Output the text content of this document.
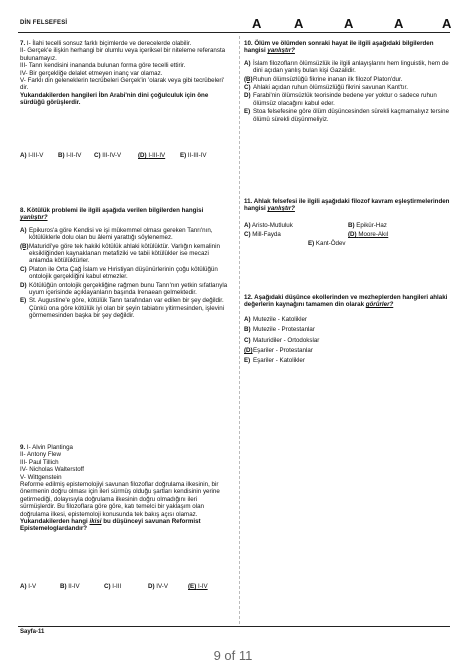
DİN FELSEFESİ	A	A	A	A	A

7. I- İlahi tecelli sonsuz farklı biçimlerde ve derecelerde olabilir.

II- Gerçek'e ilişkin herhangi bir olumlu veya içeriksel bir niteleme referansta bulunamayız.

III- Tanrı kendisini inananda bulunan forma göre tecelli ettirir.

IV- Bir gerçekliğe delalet etmeyen inanç var olamaz.

V- Farklı din geleneklerin tecrübeleri Gerçek'in 'olarak veya gibi tecrübeleri' dir.

Yukarıdakilerden hangileri İbn Arabi'nin dini çoğulculuk için öne sürdüğü görüşlerdir.

A) I-III-V B) I-II-IV C) III-IV-V	(D) I-III-IV E) II-III-IV

8. Kötülük problemi ile ilgili aşağıda verilen bilgilerden hangisi yanlıştır?

A) Epikuros'a göre Kendisi ve işi mükemmel olması gereken Tanrı'nın, kötülüklerle dolu olan bu âlemi yarattığı söylenemez.
(B) Maturidi'ye göre tek hakiki kötülük ahlaki kötülüktür. Varlığın kemalinin eksikliğinden kaynaklanan metafiziki ve tabii kötülükler ise mecazi anlamda kötülüktürler.
C) Platon ile Orta Çağ İslam ve Hıristiyan düşünürlerinin çoğu kötülüğün ontolojik gerçekliğini kabul etmezler.
D) Kötülüğün ontolojik gerçekliğine rağmen bunu Tanrı'nın yetkin sıfatlarıyla uyum içerisinde açıklayanların başında Irenaean gelmektedir.
E) St. Augustine'e göre, kötülük Tanrı tarafından var edilen bir şey değildir. Çünkü ona göre kötülük iyi olan bir şeyin tabiatını yitirmesinden, işlevini görmemesinden başka bir şey değildir.

9. I- Alvin Plantinga

II- Antony Flew

III- Paul Tillich

IV- Nicholas Walterstoff

V- Wittgenstein

Reforme edilmiş epistemolojiyi savunan filozoflar doğrulama ilkesinin, bir önermenin doğru olması için ileri sürmüş olduğu şartları kendisinin yerine getirmediği, dolayısıyla doğrulama ilkesinin doğru olmadığını ileri sürmüşlerdir. Bu filozoflara göre göre, katı temelci bir yaklaşım olan doğrulama ilkesi, epistemoloji konusunda tek bakış açısı olamaz.

Yukarıdakilerden hangi ikisi bu düşünceyi savunan Reformist Epistemeloglardandır?

A) I-V	B) II-IV	C) I-III	D) IV-V	(E) I-IV

10. Ölüm ve ölümden sonraki hayat ile ilgili aşağıdaki bilgilerden hangisi yanlıştır?

A) İslam filozofların ölümsüzlük ile ilgili anlayışlarını hem linguistik, hem de dini açıdan yanlış bulan kişi Gazalidir.
(B) Ruhun ölümsüzlüğü fikrine inanan ilk filozof Platon'dur.
C) Ahlaki açıdan ruhun ölümsüzlüğü fikrini savunan Kant'tır.
D) Farabi'nin ölümsüzlük teorisinde bedene yer yoktur o sadece ruhun ölümsüz olacağını kabul eder.
E) Stoa felsefesine göre ölüm düşüncesinden sürekli kaçmamalıyız tersine ölümü sürekli düşünmeliyiz.

11. Ahlak felsefesi ile ilgili aşağıdaki filozof kavram eşleştirmelerinden hangisi yanlıştır?

A) Aristo-Mutluluk	B) Epikür-Haz
C) Mill-Fayda	(D) Moore-Akıl
E) Kant-Ödev

12. Aşağıdaki düşünce ekollerinden ve mezheplerden hangileri ahlaki değerlerin kaynağını tamamen din olarak görürler?

A) Mutezile - Katolikler
B) Mutezile - Protestanlar
C) Maturidiler - Ortodokslar
(D) Eşariler - Protestanlar
E) Eşariler - Katolikler
Sayfa-11
9 of 11
